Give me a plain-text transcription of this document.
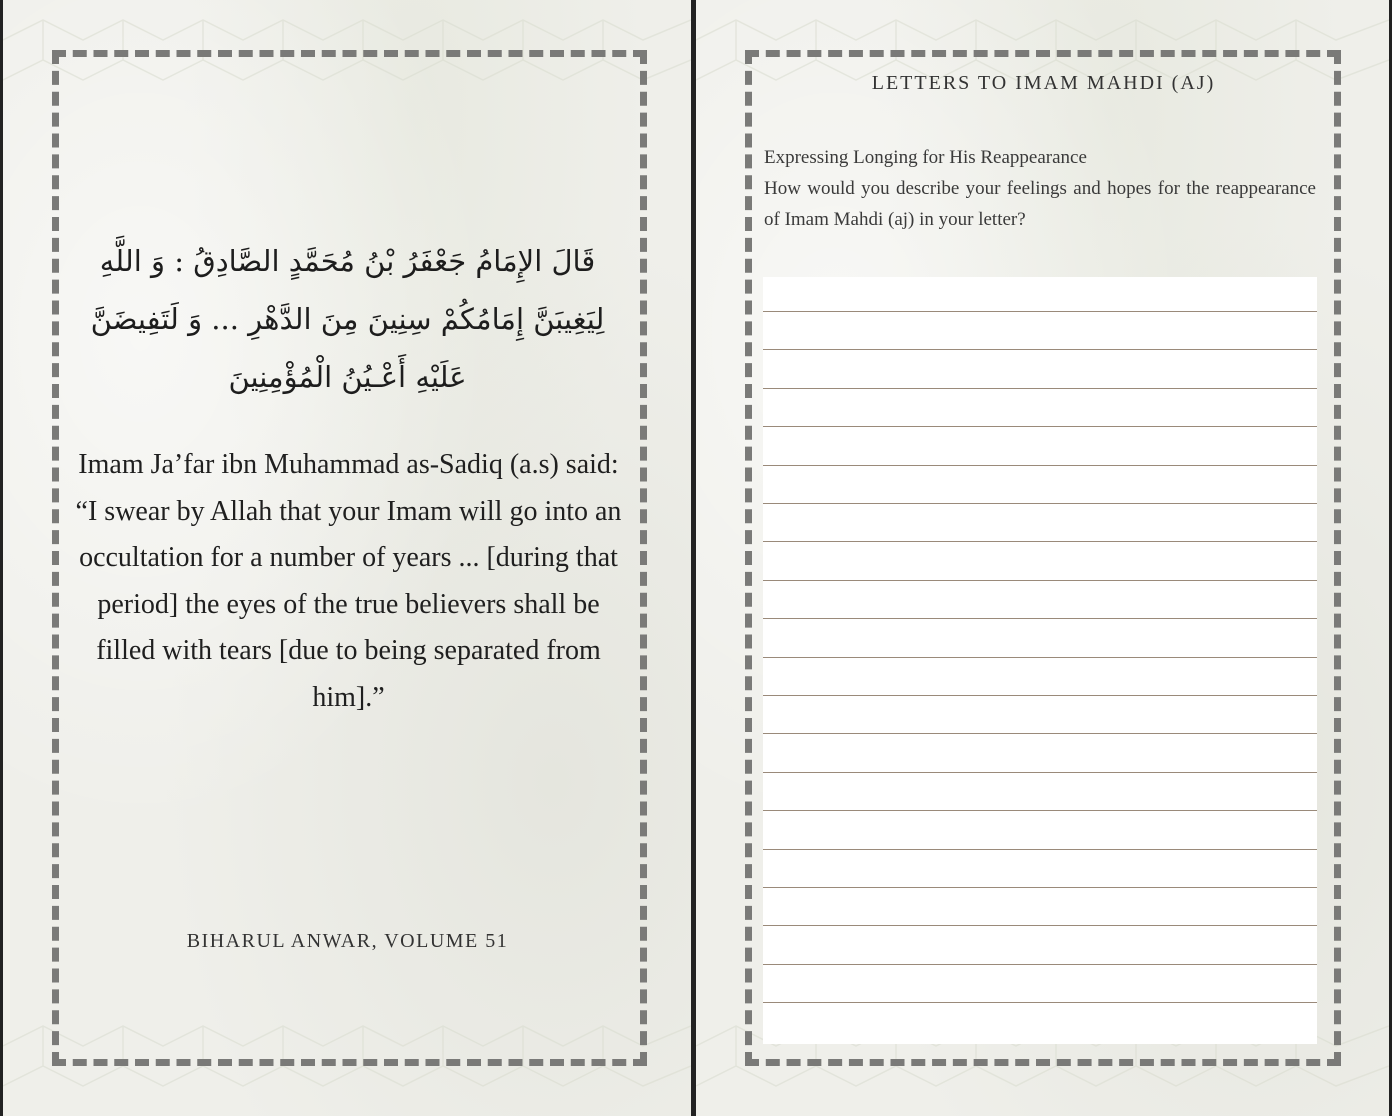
قَالَ الإِمَامُ جَعْفَرُ بْنُ مُحَمَّدٍ الصَّادِقُ : وَ اللَّهِ لِيَغِيبَنَّ إِمَامُكُمْ سِنِينَ مِنَ الدَّهْرِ ... وَ لَتَفِيضَنَّ عَلَيْهِ أَعْـيُنُ الْمُؤْمِنِينَ
Imam Ja’far ibn Muhammad as-Sadiq (a.s) said: “I swear by Allah that your Imam will go into an occultation for a number of years ... [during that period] the eyes of the true believers shall be filled with tears [due to being separated from him].”
BIHARUL ANWAR, VOLUME 51
LETTERS TO IMAM MAHDI (AJ)
Expressing Longing for His Reappearance
How would you describe your feelings and hopes for the reappearance of Imam Mahdi (aj) in your letter?
